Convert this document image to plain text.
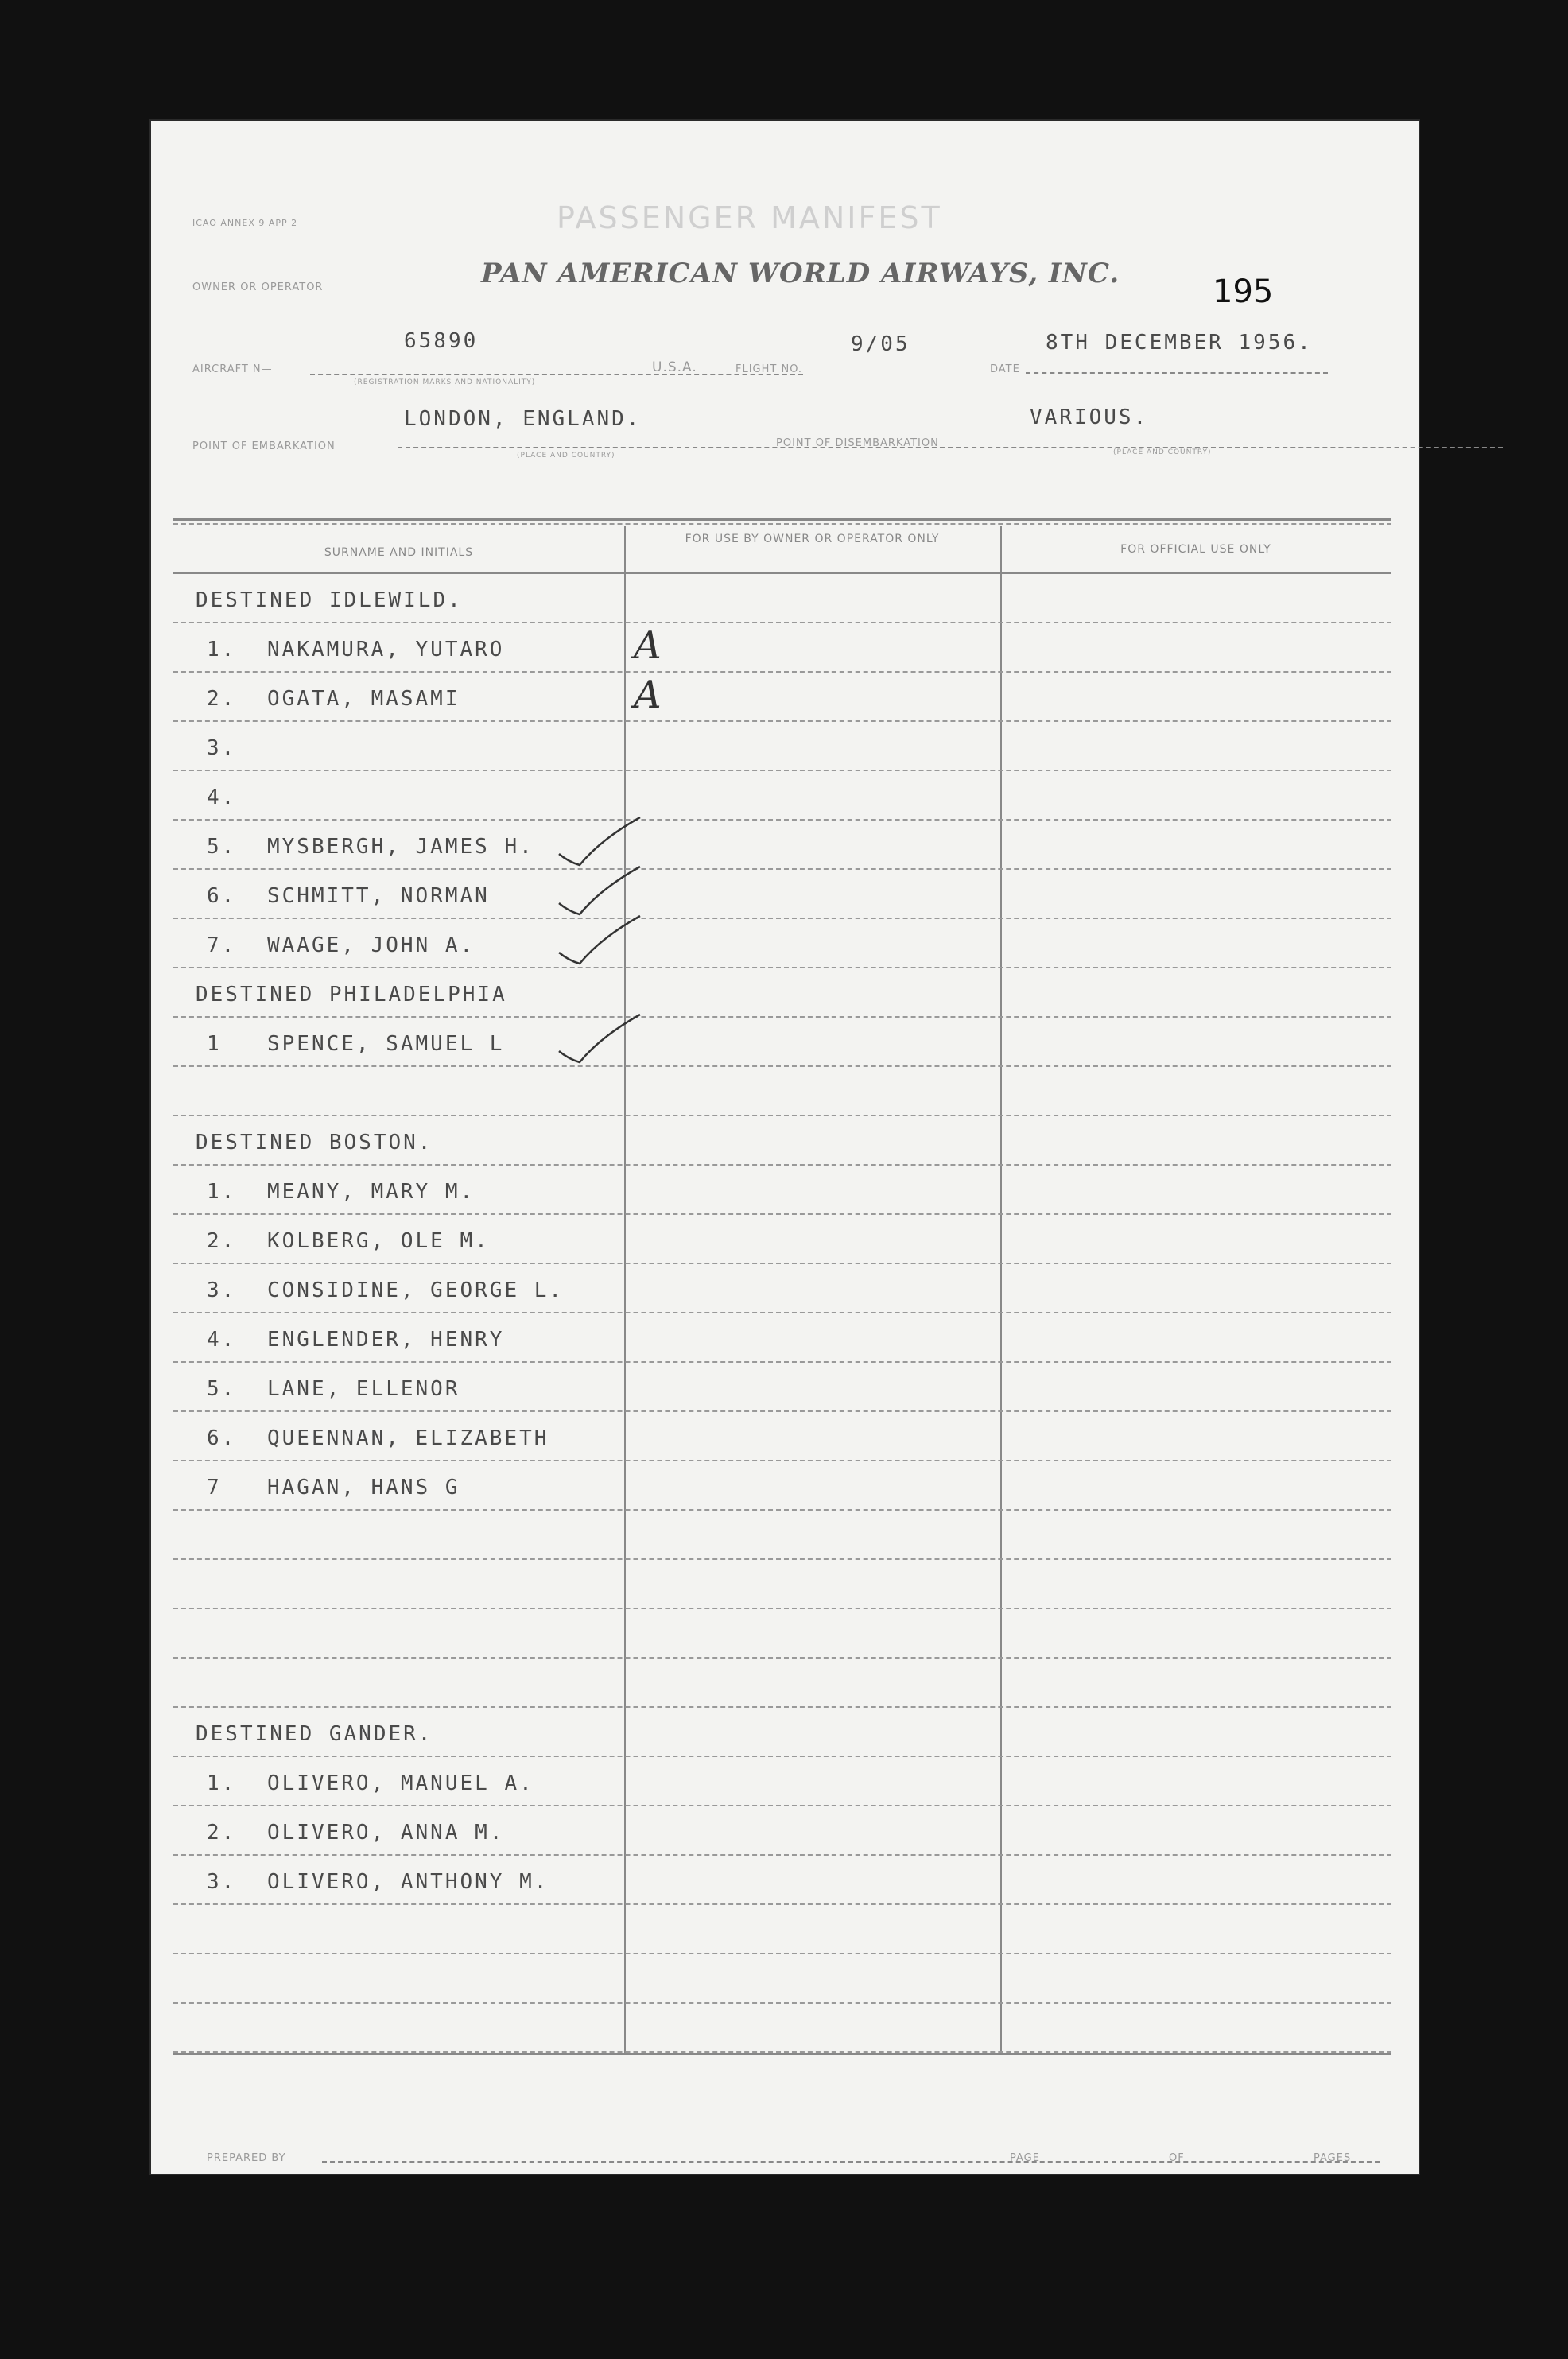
ICAO ANNEX 9 APP 2	PASSENGER MANIFEST
OWNER OR OPERATOR	PAN AMERICAN WORLD AIRWAYS, INC.	195
AIRCRAFT N—
65890
(REGISTRATION MARKS AND NATIONALITY)
U.S.A.	FLIGHT NO.
9/05
DATE
8TH DECEMBER 1956.
POINT OF EMBARKATION
LONDON, ENGLAND.
(PLACE AND COUNTRY)
POINT OF DISEMBARKATION
VARIOUS.
(PLACE AND COUNTRY)
SURNAME AND INITIALS
FOR USE BY OWNER OR OPERATOR ONLY
FOR OFFICIAL USE ONLY
DESTINED IDLEWILD.
1. NAKAMURA, YUTARO	A
2. OGATA, MASAMI	A
3.
4.
5. MYSBERGH, JAMES H.
6. SCHMITT, NORMAN
7. WAAGE, JOHN A.
DESTINED PHILADELPHIA
1 SPENCE, SAMUEL L
DESTINED BOSTON.
1. MEANY, MARY M.
2. KOLBERG, OLE M.
3. CONSIDINE, GEORGE L.
4. ENGLENDER, HENRY
5. LANE, ELLENOR
6. QUEENNAN, ELIZABETH
7 HAGAN, HANS G
DESTINED GANDER.
1. OLIVERO, MANUEL A.
2. OLIVERO, ANNA M.
3. OLIVERO, ANTHONY M.
PREPARED BY	PAGE	OF	PAGES
